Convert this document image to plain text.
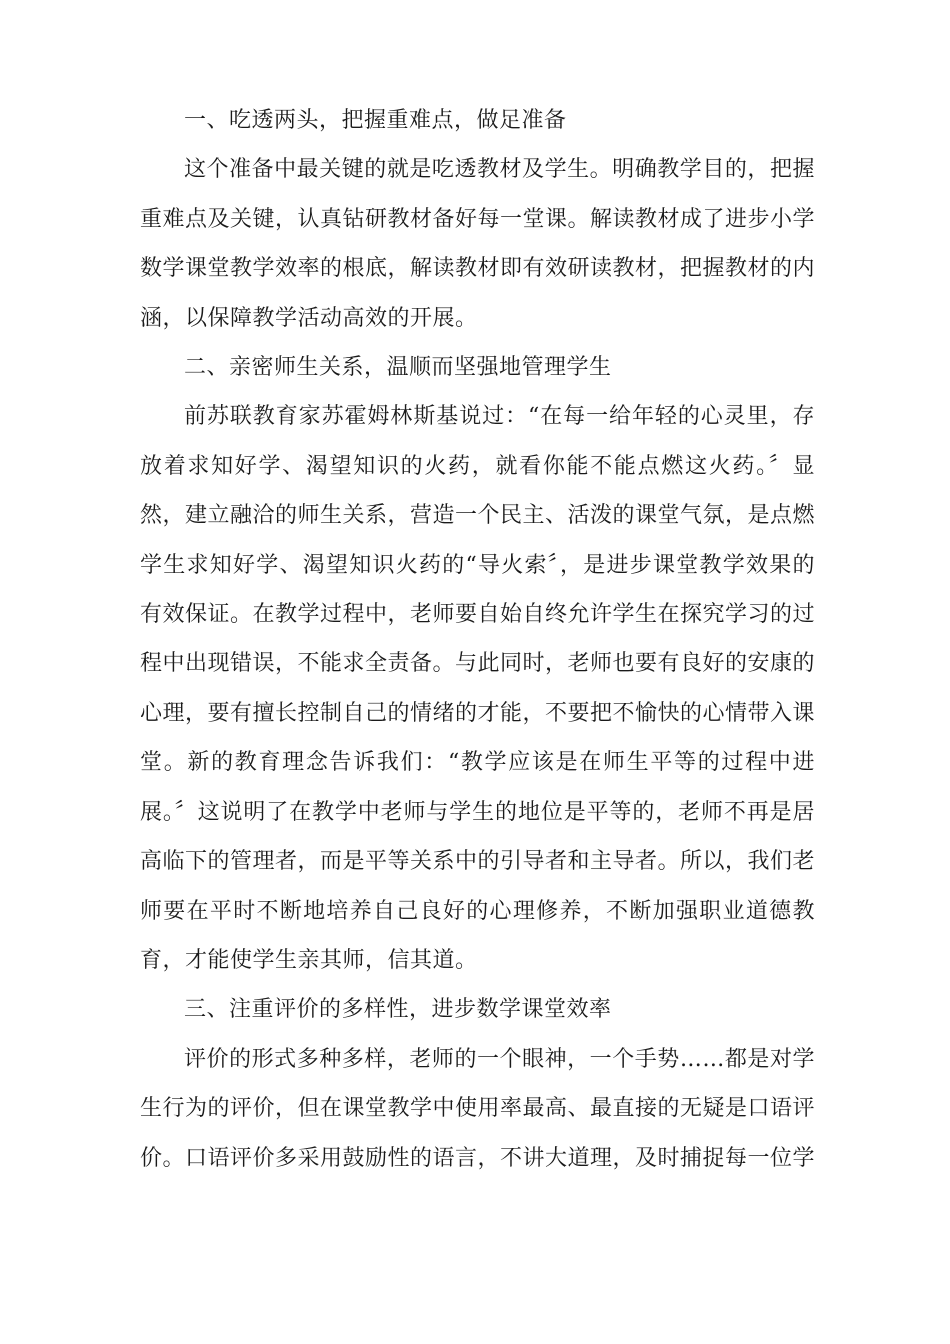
一、吃透两头，把握重难点，做足准备

这个准备中最关键的就是吃透教材及学生。明确教学目的，把握重难点及关键，认真钻研教材备好每一堂课。解读教材成了进步小学数学课堂教学效率的根底，解读教材即有效研读教材，把握教材的内涵，以保障教学活动高效的开展。

二、亲密师生关系，温顺而坚强地管理学生

前苏联教育家苏霍姆林斯基说过：“在每一给年轻的心灵里，存放着求知好学、渴望知识的火药，就看你能不能点燃这火药。〞显然，建立融洽的师生关系，营造一个民主、活泼的课堂气氛，是点燃学生求知好学、渴望知识火药的“导火索〞，是进步课堂教学效果的有效保证。在教学过程中，老师要自始自终允许学生在探究学习的过程中出现错误，不能求全责备。与此同时，老师也要有良好的安康的心理，要有擅长控制自己的情绪的才能，不要把不愉快的心情带入课堂。新的教育理念告诉我们：“教学应该是在师生平等的过程中进展。〞这说明了在教学中老师与学生的地位是平等的，老师不再是居高临下的管理者，而是平等关系中的引导者和主导者。所以，我们老师要在平时不断地培养自己良好的心理修养，不断加强职业道德教育，才能使学生亲其师，信其道。

三、注重评价的多样性，进步数学课堂效率

评价的形式多种多样，老师的一个眼神，一个手势……都是对学生行为的评价，但在课堂教学中使用率最高、最直接的无疑是口语评价。口语评价多采用鼓励性的语言，不讲大道理，及时捕捉每一位学
